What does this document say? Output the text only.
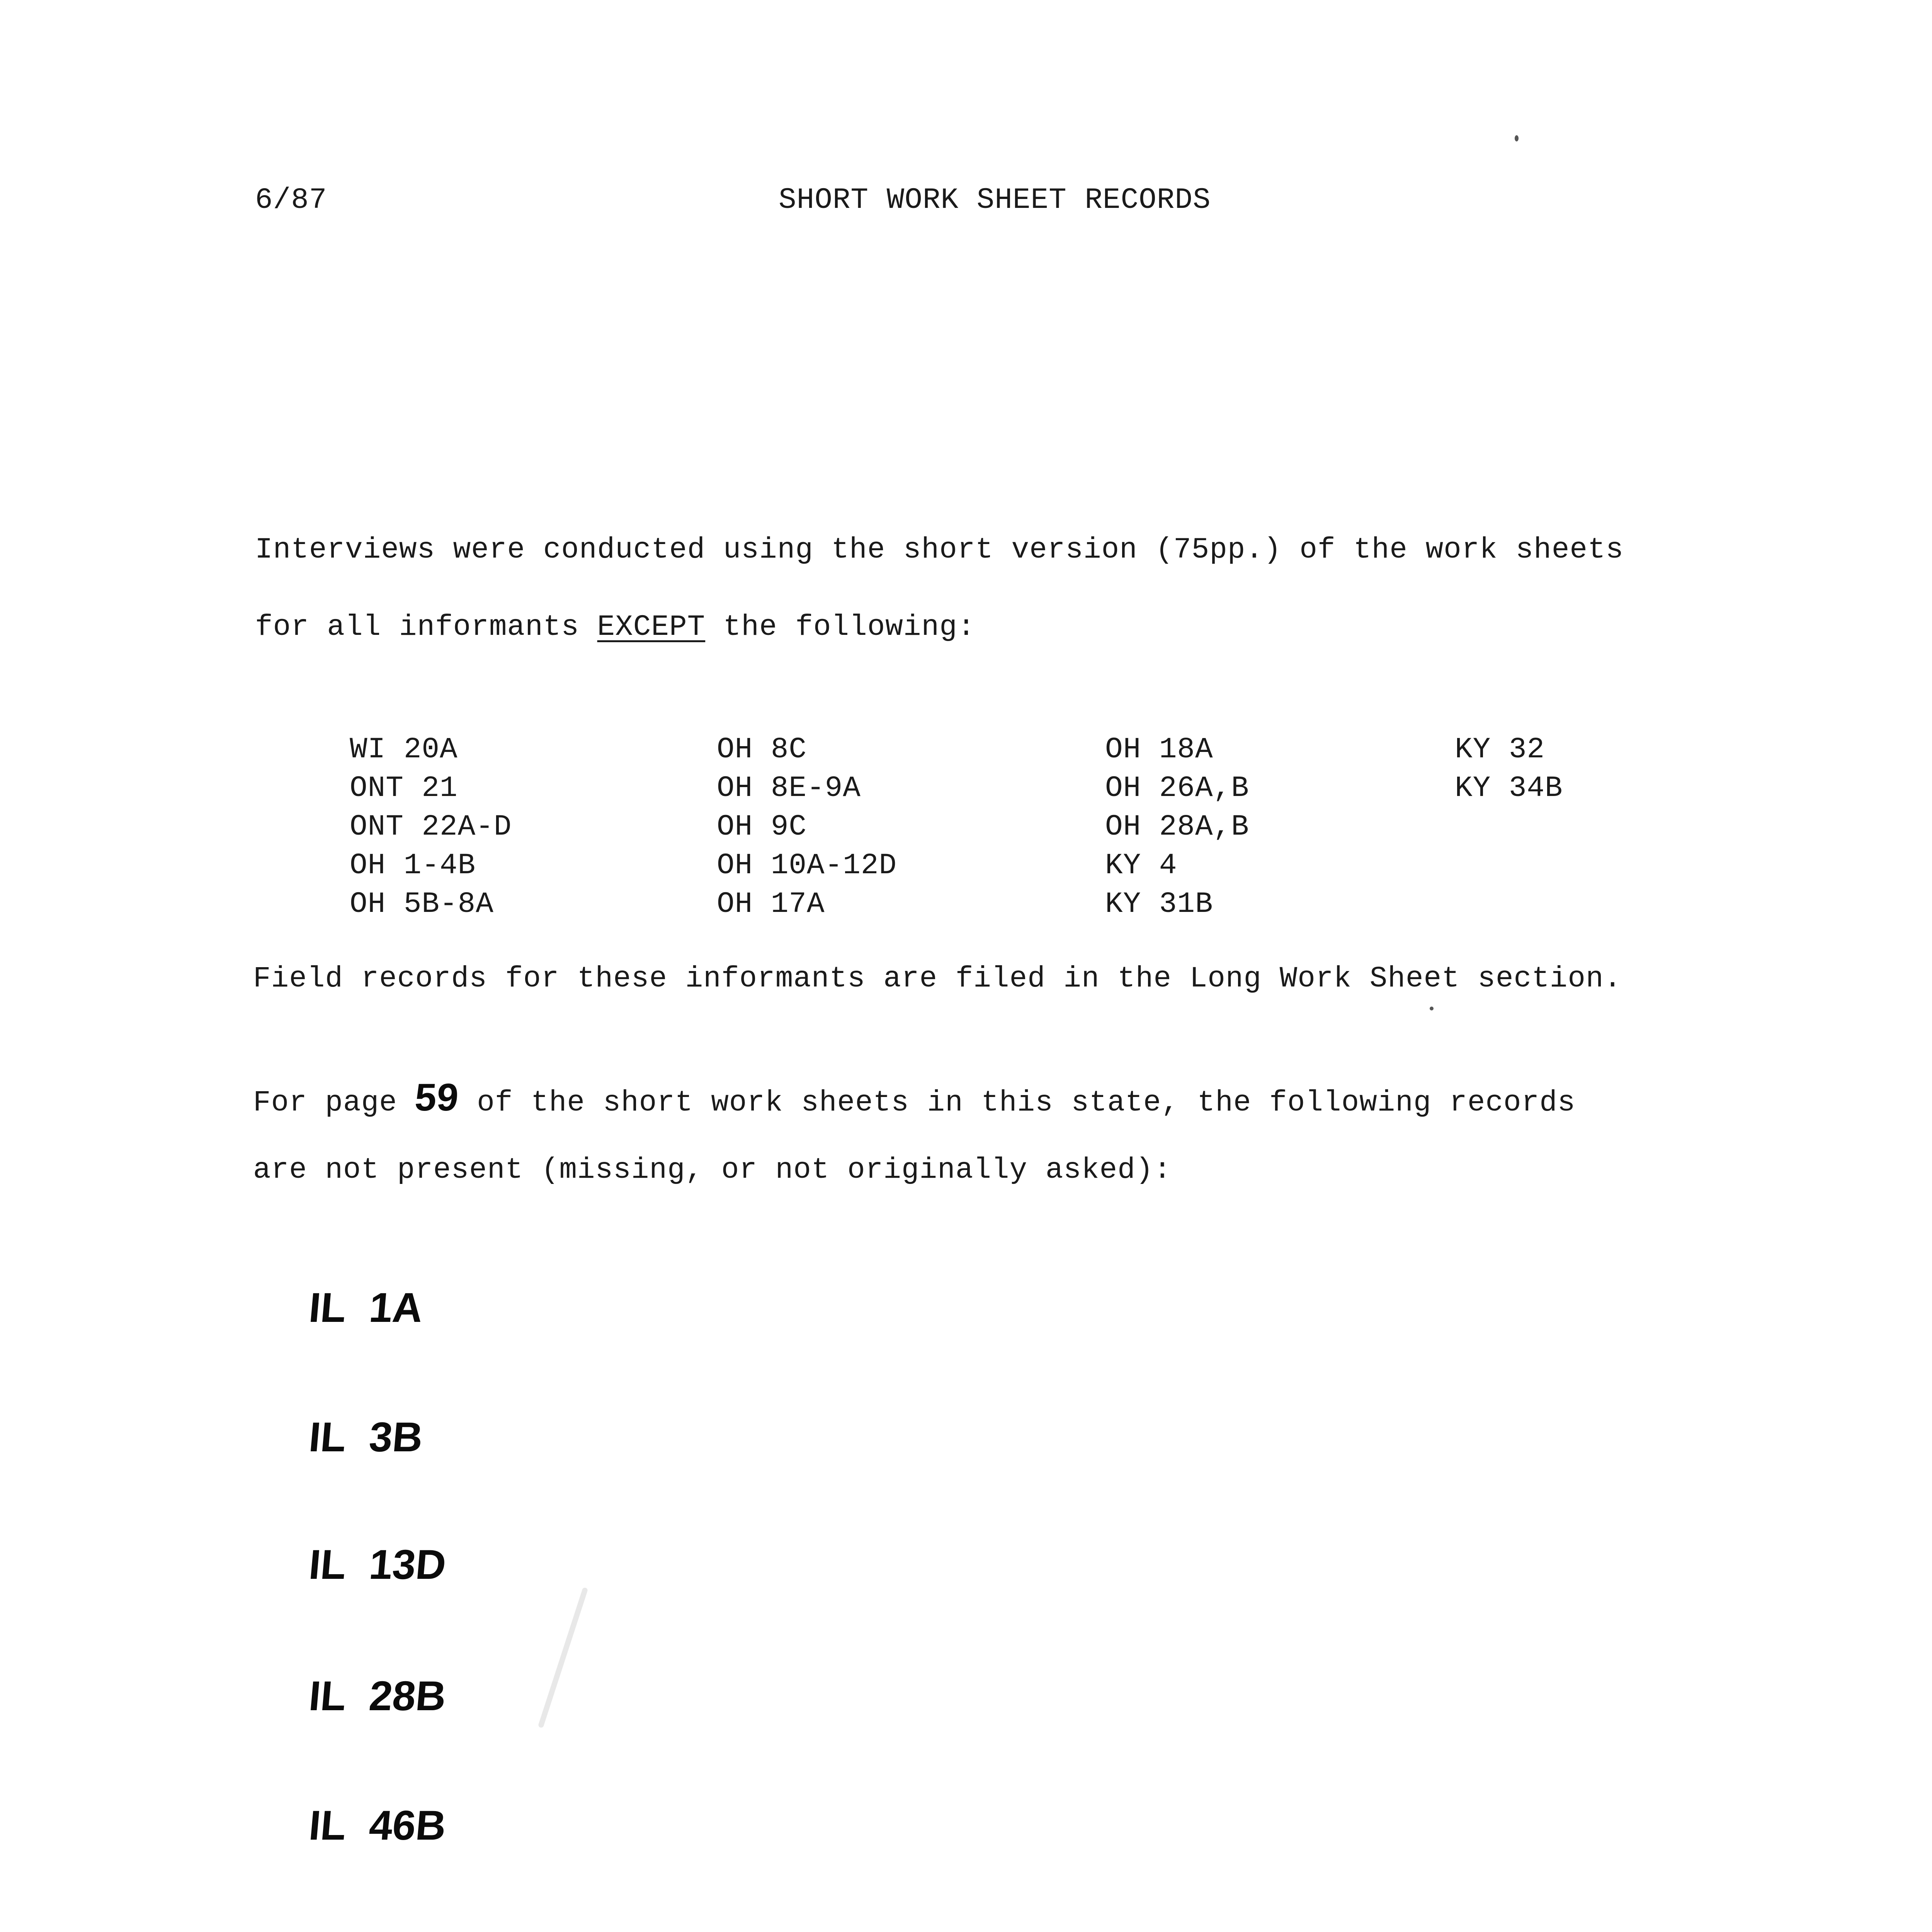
6/87	SHORT WORK SHEET RECORDS
Interviews were conducted using the short version (75pp.) of the work sheets
for all informants EXCEPT the following:
WI 20A
ONT 21
ONT 22A-D
OH 1-4B
OH 5B-8A
OH 8C
OH 8E-9A
OH 9C
OH 10A-12D
OH 17A
OH 18A
OH 26A,B
OH 28A,B
KY 4
KY 31B
KY 32
KY 34B
Field records for these informants are filed in the Long Work Sheet section.
For page 59 of the short work sheets in this state, the following records
are not present (missing, or not originally asked):
IL 1A
IL 3B
IL 13D
IL 28B
IL 46B
